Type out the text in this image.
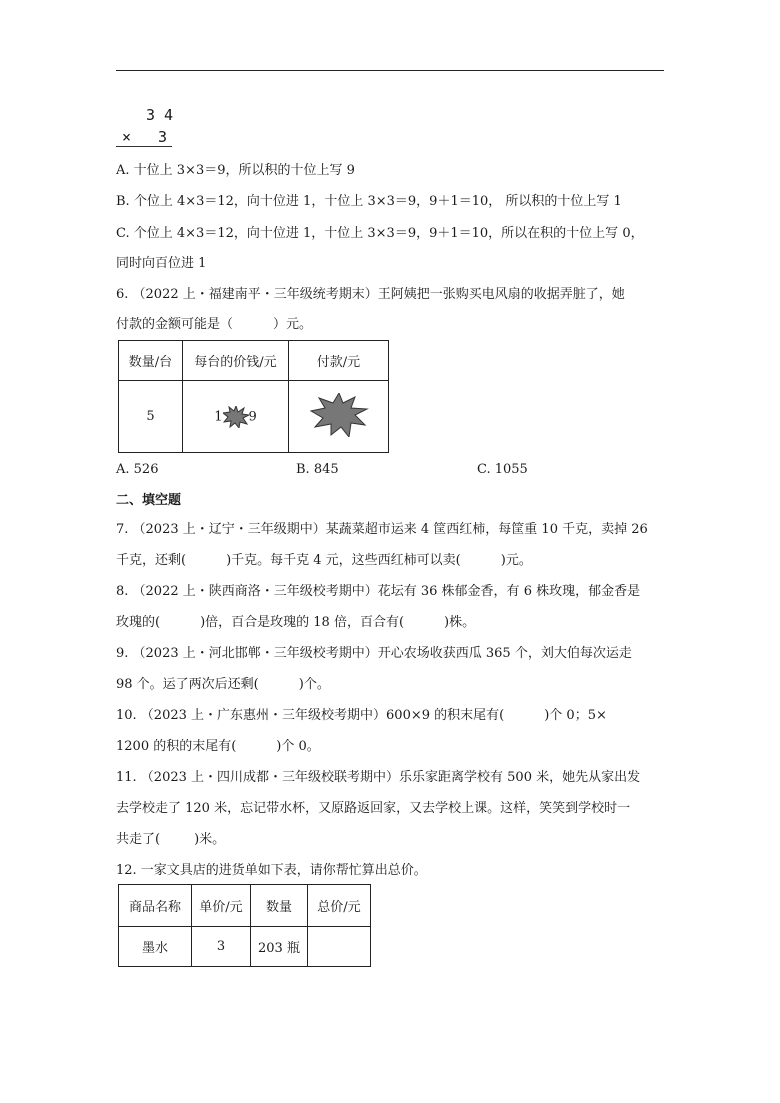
3 4
× 3
A. 十位上 3×3＝9，所以积的十位上写 9
B. 个位上 4×3＝12，向十位进 1，十位上 3×3＝9，9＋1＝10， 所以积的十位上写 1
C. 个位上 4×3＝12，向十位进 1，十位上 3×3＝9，9＋1＝10，所以在积的十位上写 0，
同时向百位进 1
6. （2022 上・福建南平・三年级统考期末）王阿姨把一张购买电风扇的收据弄脏了，她
付款的金额可能是（	）元。
数量/台	每台的价钱/元	付款/元
5	1 9	
A. 526	B. 845	C. 1055
二、填空题
7. （2023 上・辽宁・三年级期中）某蔬菜超市运来 4 筐西红柿，每筐重 10 千克，卖掉 26
千克，还剩(	)千克。每千克 4 元，这些西红柿可以卖(	)元。
8. （2022 上・陕西商洛・三年级校考期中）花坛有 36 株郁金香，有 6 株玫瑰，郁金香是
玫瑰的(	)倍，百合是玫瑰的 18 倍，百合有(	)株。
9. （2023 上・河北邯郸・三年级校考期中）开心农场收获西瓜 365 个，刘大伯每次运走
98 个。运了两次后还剩(	)个。
10. （2023 上・广东惠州・三年级校考期中）600×9 的积末尾有(	)个 0；5×
1200 的积的末尾有(	)个 0。
11. （2023 上・四川成都・三年级校联考期中）乐乐家距离学校有 500 米，她先从家出发
去学校走了 120 米，忘记带水杯，又原路返回家，又去学校上课。这样，笑笑到学校时一
共走了(	)米。
12. 一家文具店的进货单如下表，请你帮忙算出总价。
商品名称	单价/元	数量	总价/元
墨水	3	203 瓶	
